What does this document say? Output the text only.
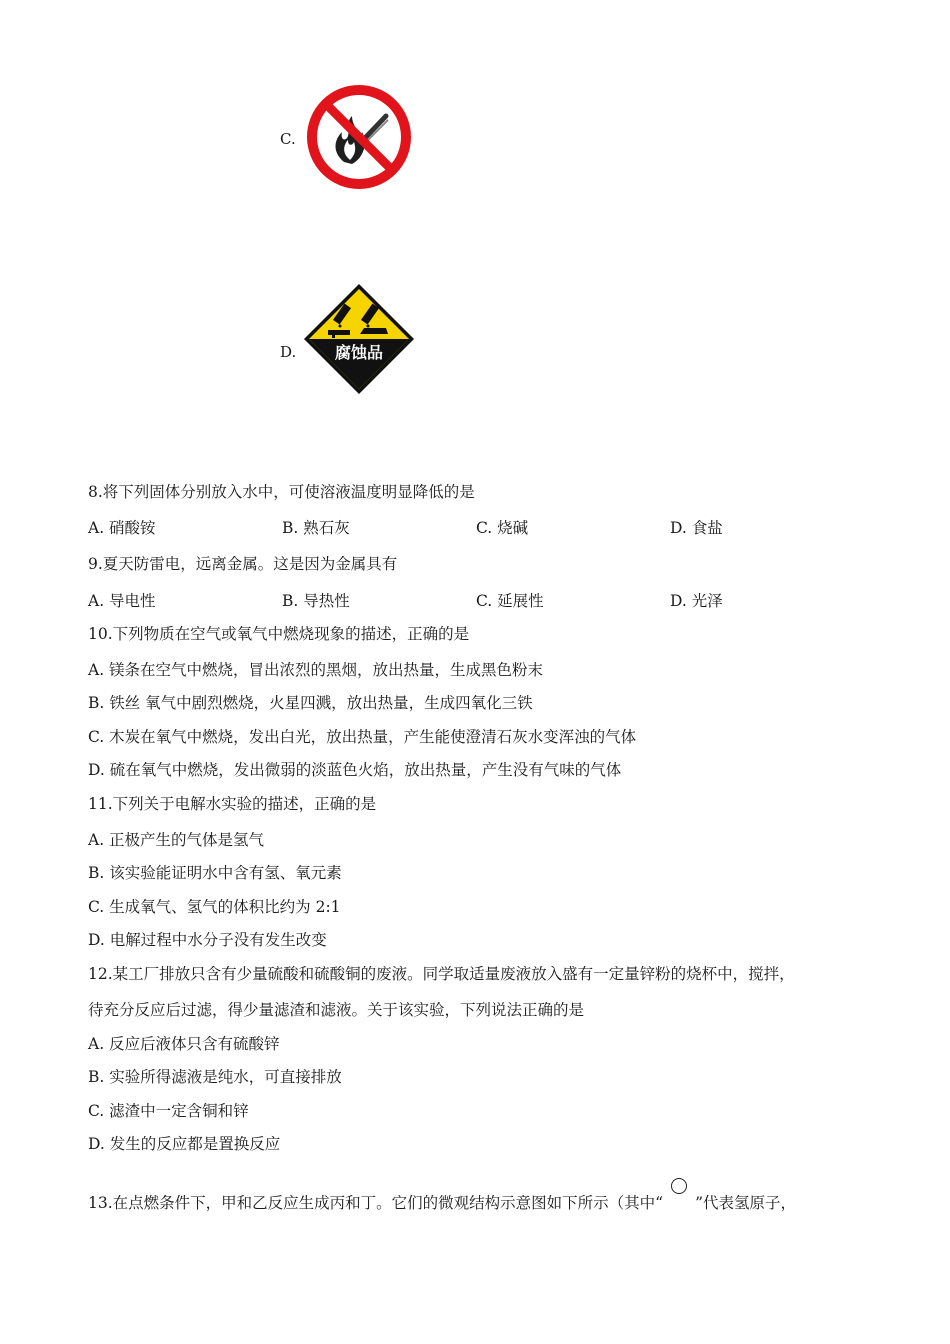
C.
D. 腐蚀品
8.将下列固体分别放入水中，可使溶液温度明显降低的是
A. 硝酸铵	B. 熟石灰	C. 烧碱	D. 食盐
9.夏天防雷电，远离金属。这是因为金属具有
A. 导电性	B. 导热性	C. 延展性	D. 光泽
10.下列物质在空气或氧气中燃烧现象的描述，正确的是
A. 镁条在空气中燃烧，冒出浓烈的黑烟，放出热量，生成黑色粉末
B. 铁丝 氧气中剧烈燃烧，火星四溅，放出热量，生成四氧化三铁
C. 木炭在氧气中燃烧，发出白光，放出热量，产生能使澄清石灰水变浑浊的气体
D. 硫在氧气中燃烧，发出微弱的淡蓝色火焰，放出热量，产生没有气味的气体
11.下列关于电解水实验的描述，正确的是
A. 正极产生的气体是氢气
B. 该实验能证明水中含有氢、氧元素
C. 生成氧气、氢气的体积比约为 2:1
D. 电解过程中水分子没有发生改变
12.某工厂排放只含有少量硫酸和硫酸铜的废液。同学取适量废液放入盛有一定量锌粉的烧杯中，搅拌，
待充分反应后过滤，得少量滤渣和滤液。关于该实验，下列说法正确的是
A. 反应后液体只含有硫酸锌
B. 实验所得滤液是纯水，可直接排放
C. 滤渣中一定含铜和锌
D. 发生的反应都是置换反应
13.在点燃条件下，甲和乙反应生成丙和丁。它们的微观结构示意图如下所示（其中“ ”代表氢原子，
